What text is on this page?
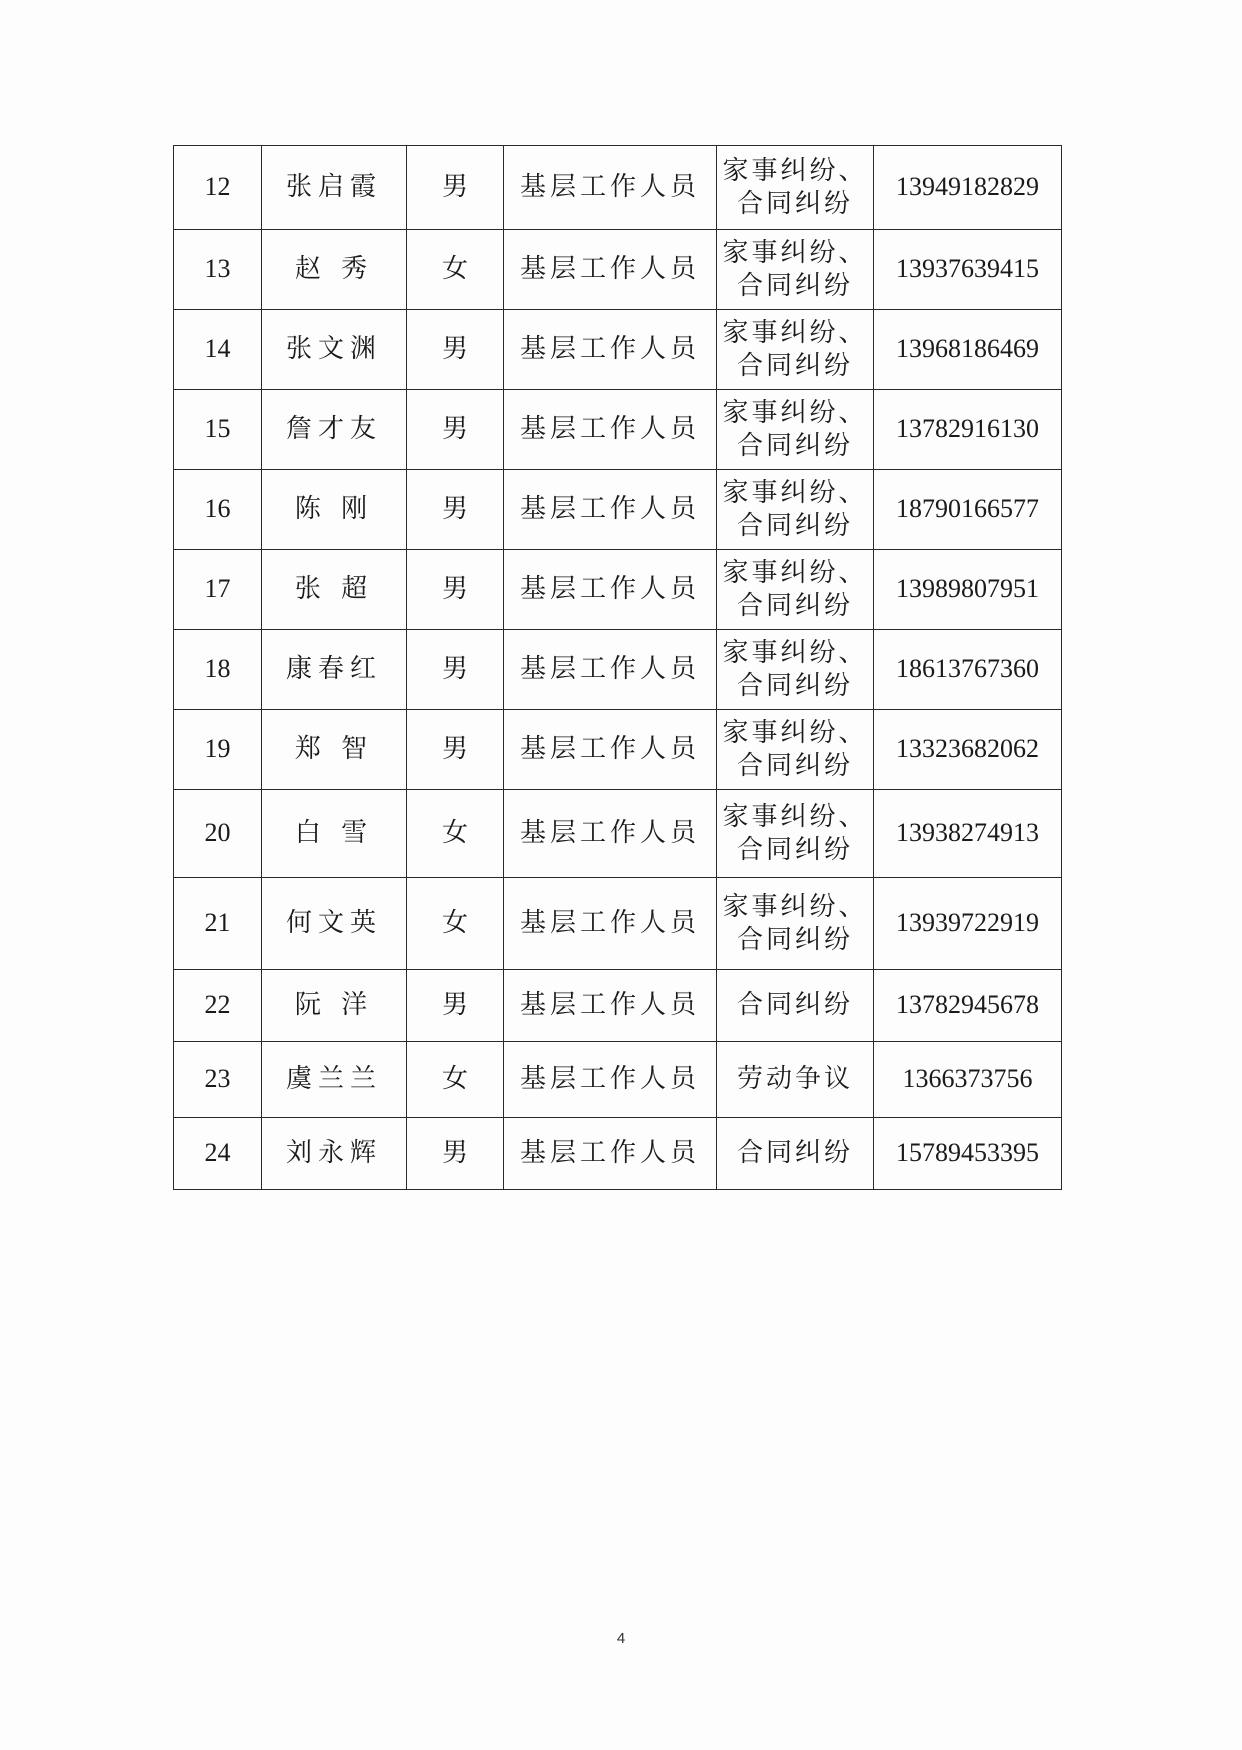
12	张启霞	男	基层工作人员	家事纠纷、合同纠纷	13949182829
13	赵 秀	女	基层工作人员	家事纠纷、合同纠纷	13937639415
14	张文渊	男	基层工作人员	家事纠纷、合同纠纷	13968186469
15	詹才友	男	基层工作人员	家事纠纷、合同纠纷	13782916130
16	陈 刚	男	基层工作人员	家事纠纷、合同纠纷	18790166577
17	张 超	男	基层工作人员	家事纠纷、合同纠纷	13989807951
18	康春红	男	基层工作人员	家事纠纷、合同纠纷	18613767360
19	郑 智	男	基层工作人员	家事纠纷、合同纠纷	13323682062
20	白 雪	女	基层工作人员	家事纠纷、合同纠纷	13938274913
21	何文英	女	基层工作人员	家事纠纷、合同纠纷	13939722919
22	阮 洋	男	基层工作人员	合同纠纷	13782945678
23	虞兰兰	女	基层工作人员	劳动争议	1366373756
24	刘永辉	男	基层工作人员	合同纠纷	15789453395
4
